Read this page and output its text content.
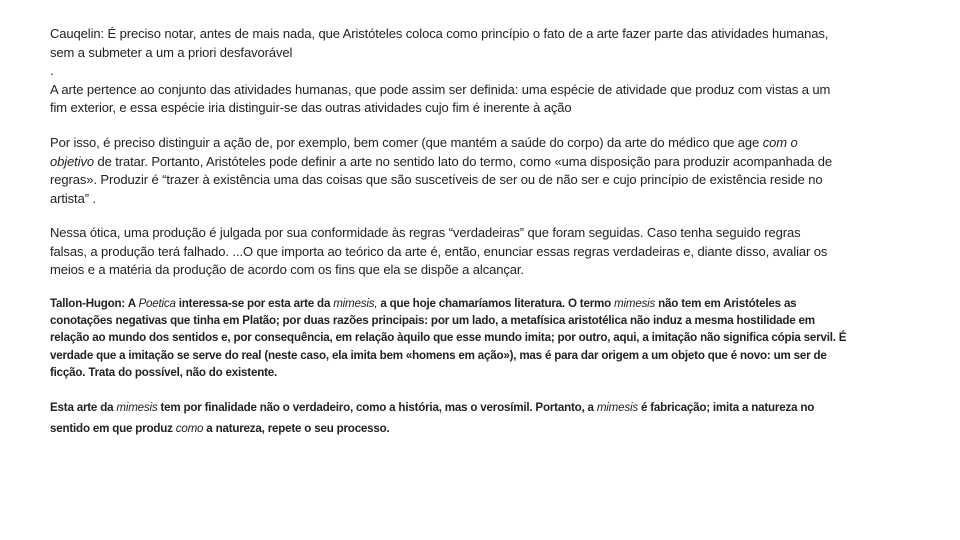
Cauqelin: É preciso notar, antes de mais nada, que Aristóteles coloca como princípio o fato de a arte fazer parte das atividades humanas,
sem a submeter a um a priori desfavorável
.
A arte pertence ao conjunto das atividades humanas, que pode assim ser definida: uma espécie de atividade que produz com vistas a um
fim exterior, e essa espécie iria distinguir-se das outras atividades cujo fim é inerente à ação
Por isso, é preciso distinguir a ação de, por exemplo, bem comer (que mantém a saúde do corpo) da arte do médico que age com o
objetivo de tratar. Portanto, Aristóteles pode definir a arte no sentido lato do termo, como «uma disposição para produzir acompanhada de
regras». Produzir é “trazer à existência uma das coisas que são suscetíveis de ser ou de não ser e cujo princípio de existência reside no
artista” .
Nessa ótica, uma produção é julgada por sua conformidade às regras “verdadeiras” que foram seguidas. Caso tenha seguido regras
falsas, a produção terá falhado. ...O que importa ao teórico da arte é, então, enunciar essas regras verdadeiras e, diante disso, avaliar os
meios e a matéria da produção de acordo com os fins que ela se dispõe a alcançar.
Tallon-Hugon: A Poetica interessa-se por esta arte da mimesis, a que hoje chamaríamos literatura. O termo mimesis não tem em Aristóteles as
conotações negativas que tinha em Platão; por duas razões principais: por um lado, a metafísica aristotélica não induz a mesma hostilidade em
relação ao mundo dos sentidos e, por consequência, em relação àquilo que esse mundo imita; por outro, aqui, a imitação não significa cópia servil. É
verdade que a imitação se serve do real (neste caso, ela imita bem «homens em ação»), mas é para dar origem a um objeto que é novo: um ser de
ficção. Trata do possível, não do existente.
Esta arte da mimesis tem por finalidade não o verdadeiro, como a história, mas o verosímil. Portanto, a mimesis é fabricação; imita a natureza no
sentido em que produz como a natureza, repete o seu processo.
